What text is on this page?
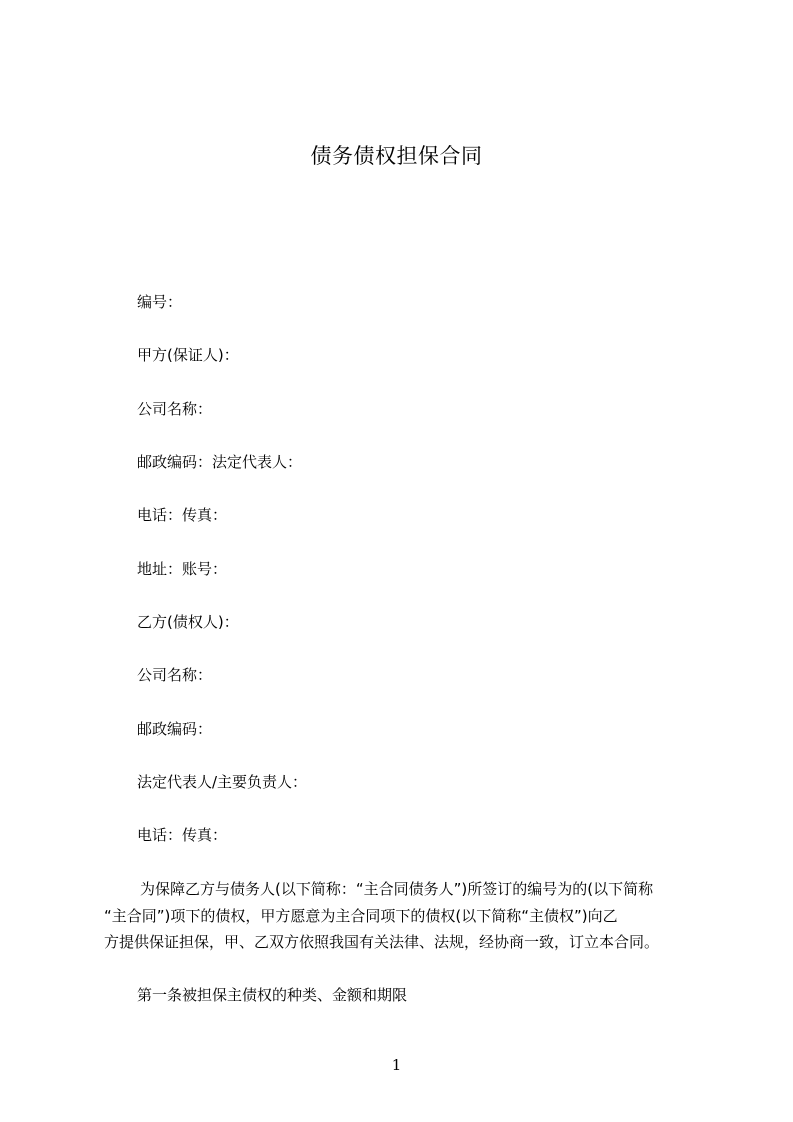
债务债权担保合同
编号：
甲方(保证人)：
公司名称：
邮政编码：法定代表人：
电话：传真：
地址：账号：
乙方(债权人)：
公司名称：
邮政编码：
法定代表人/主要负责人：
电话：传真：
为保障乙方与债务人(以下简称：“主合同债务人”)所签订的编号为的(以下简称
“主合同”)项下的债权，甲方愿意为主合同项下的债权(以下简称“主债权”)向乙
方提供保证担保，甲、乙双方依照我国有关法律、法规，经协商一致，订立本合同。
第一条被担保主债权的种类、金额和期限
1
